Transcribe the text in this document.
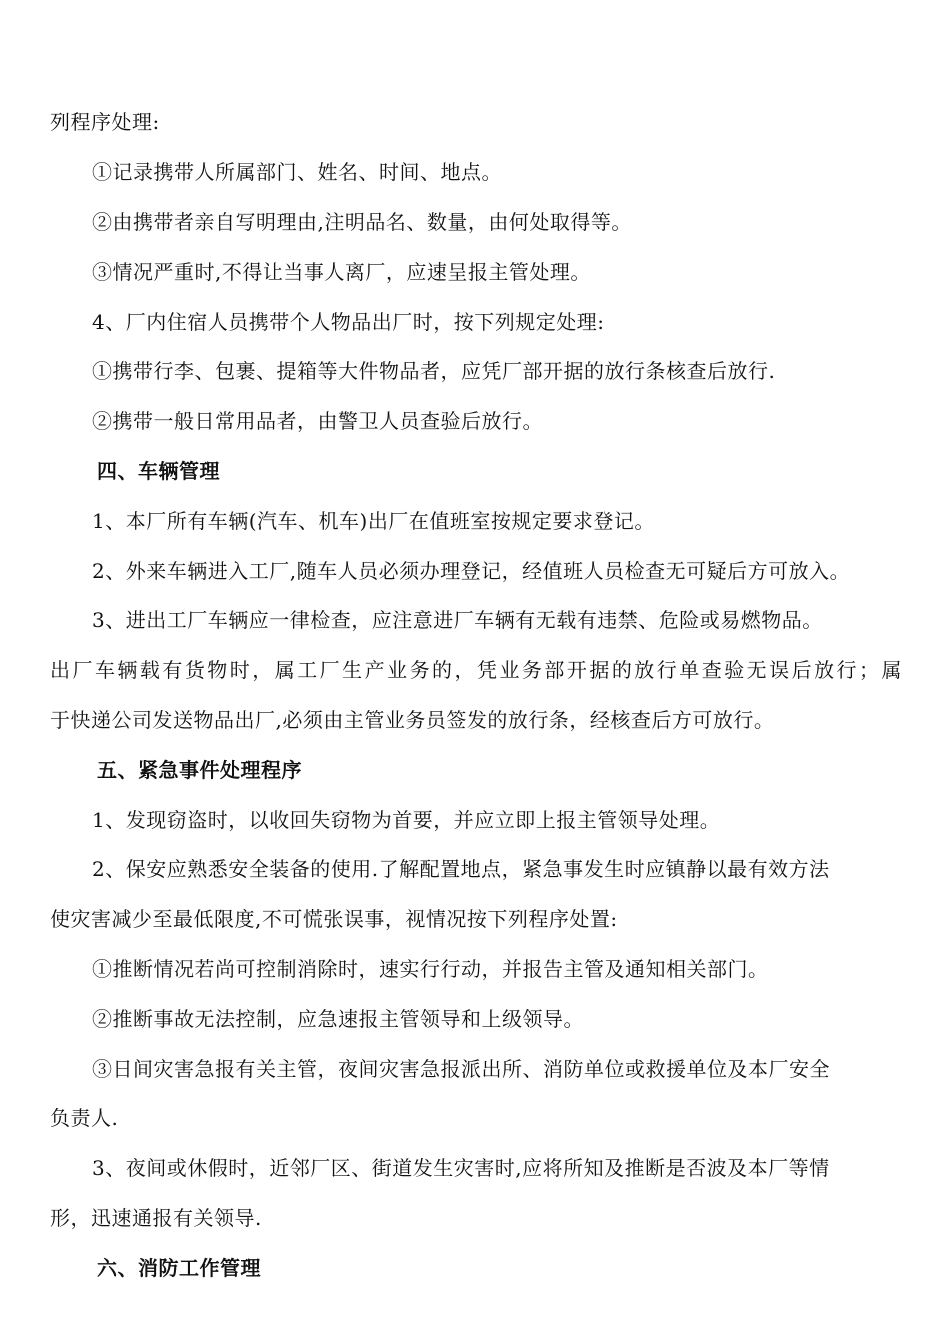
列程序处理:
①记录携带人所属部门、姓名、时间、地点。
②由携带者亲自写明理由,注明品名、数量，由何处取得等。
③情况严重时,不得让当事人离厂，应速呈报主管处理。
4、厂内住宿人员携带个人物品出厂时，按下列规定处理:
①携带行李、包裹、提箱等大件物品者，应凭厂部开据的放行条核查后放行.
②携带一般日常用品者，由警卫人员查验后放行。
四、车辆管理
1、本厂所有车辆(汽车、机车)出厂在值班室按规定要求登记。
2、外来车辆进入工厂,随车人员必须办理登记，经值班人员检查无可疑后方可放入。
3、进出工厂车辆应一律检查，应注意进厂车辆有无载有违禁、危险或易燃物品。
出厂车辆载有货物时，属工厂生产业务的，凭业务部开据的放行单查验无误后放行；属
于快递公司发送物品出厂,必须由主管业务员签发的放行条，经核查后方可放行。
五、紧急事件处理程序
1、发现窃盗时，以收回失窃物为首要，并应立即上报主管领导处理。
2、保安应熟悉安全装备的使用.了解配置地点，紧急事发生时应镇静以最有效方法
使灾害减少至最低限度,不可慌张误事，视情况按下列程序处置:
①推断情况若尚可控制消除时，速实行行动，并报告主管及通知相关部门。
②推断事故无法控制，应急速报主管领导和上级领导。
③日间灾害急报有关主管，夜间灾害急报派出所、消防单位或救援单位及本厂安全
负责人.
3、夜间或休假时，近邻厂区、街道发生灾害时,应将所知及推断是否波及本厂等情
形，迅速通报有关领导.
六、消防工作管理
